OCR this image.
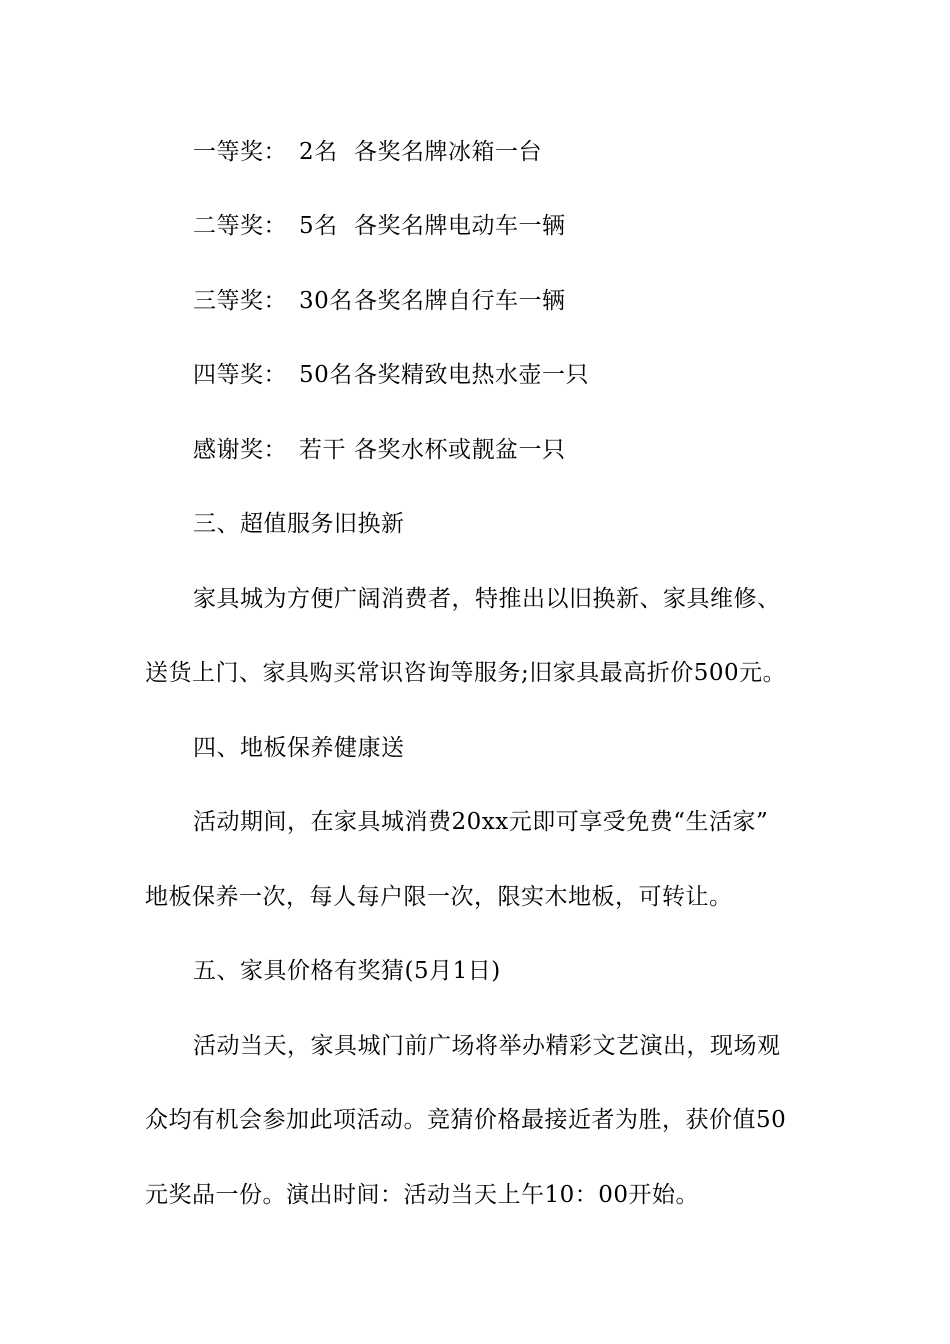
一等奖： 2名 各奖名牌冰箱一台
二等奖： 5名 各奖名牌电动车一辆
三等奖： 30名各奖名牌自行车一辆
四等奖： 50名各奖精致电热水壶一只
感谢奖： 若干 各奖水杯或靓盆一只
三、超值服务旧换新
家具城为方便广阔消费者，特推出以旧换新、家具维修、
送货上门、家具购买常识咨询等服务;旧家具最高折价500元。
四、地板保养健康送
活动期间，在家具城消费20xx元即可享受免费“生活家”
地板保养一次，每人每户限一次，限实木地板，可转让。
五、家具价格有奖猜(5月1日)
活动当天，家具城门前广场将举办精彩文艺演出，现场观
众均有机会参加此项活动。竞猜价格最接近者为胜，获价值50
元奖品一份。演出时间：活动当天上午10：00开始。
